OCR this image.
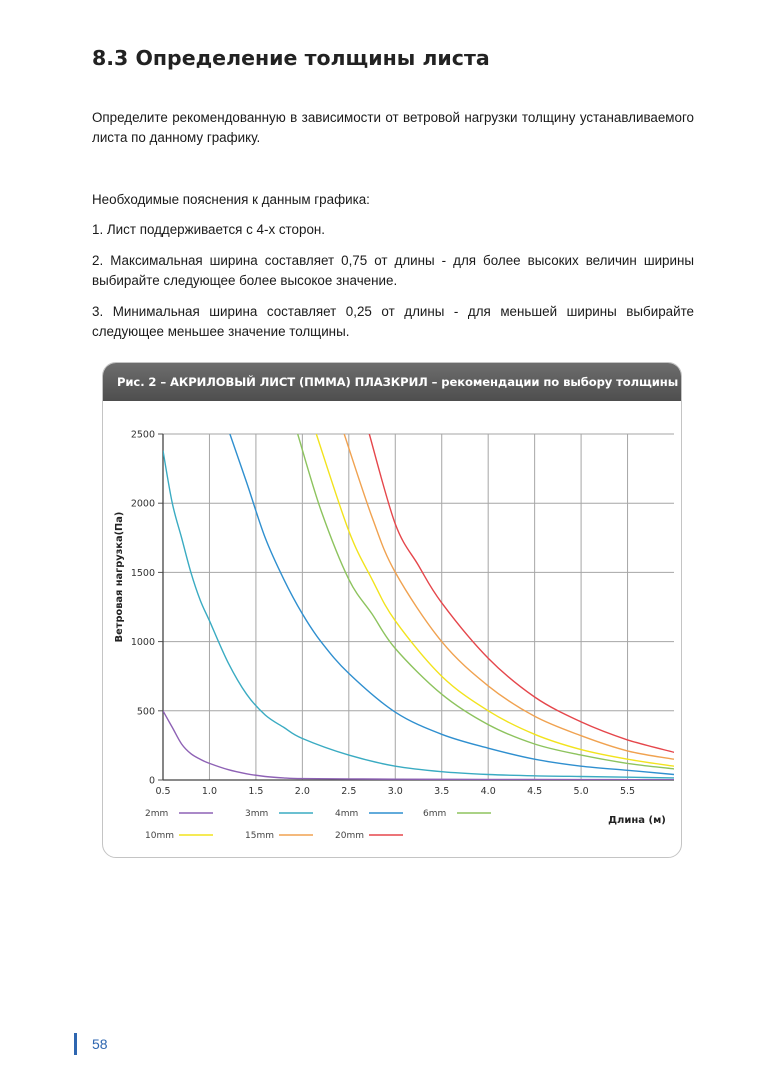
8.3 Определение толщины листа

Определите рекомендованную в зависимости от ветровой нагрузки толщину устанавливаемого листа по данному графику.

Необходимые пояснения к данным графика:

1. Лист поддерживается с 4-х сторон.

2. Максимальная ширина составляет 0,75 от длины - для более высоких величин ширины выбирайте следующее более высокое значение.

3. Минимальная ширина составляет 0,25 от длины - для меньшей ширины выбирайте следующее меньшее значение толщины.

Рис. 2 – АКРИЛОВЫЙ ЛИСТ (ПММА) ПЛАЗКРИЛ – рекомендации по выбору толщины
0.5	1.0	1.5	2.0	2.5	3.0	3.5	4.0	4.5	5.0	5.5
0
500
1000
1500
2000
2500
Ветровая нагрузка(Па)
2mm	3mm	4mm	6mm
10mm	15mm	20mm
Длина (м)
58
